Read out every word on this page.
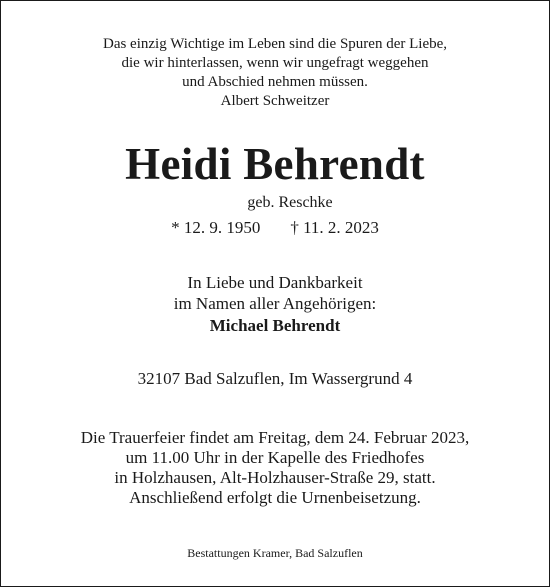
Das einzig Wichtige im Leben sind die Spuren der Liebe,
die wir hinterlassen, wenn wir ungefragt weggehen
und Abschied nehmen müssen.
Albert Schweitzer
Heidi Behrendt
geb. Reschke
* 12. 9. 1950 † 11. 2. 2023
In Liebe und Dankbarkeit
im Namen aller Angehörigen:
Michael Behrendt
32107 Bad Salzuflen, Im Wassergrund 4
Die Trauerfeier findet am Freitag, dem 24. Februar 2023,
um 11.00 Uhr in der Kapelle des Friedhofes
in Holzhausen, Alt-Holzhauser-Straße 29, statt.
Anschließend erfolgt die Urnenbeisetzung.
Bestattungen Kramer, Bad Salzuflen
